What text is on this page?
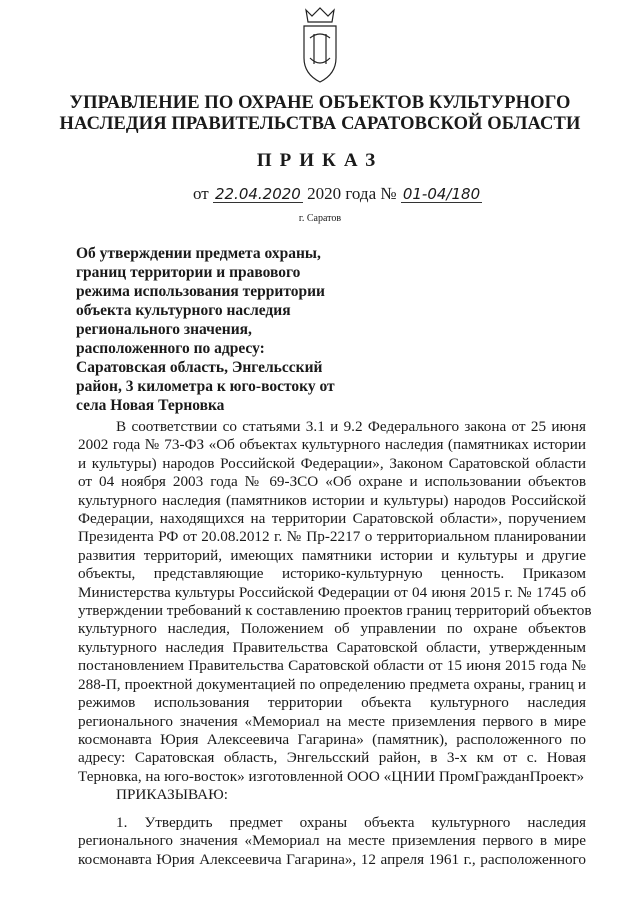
УПРАВЛЕНИЕ ПО ОХРАНЕ ОБЪЕКТОВ КУЛЬТУРНОГО
НАСЛЕДИЯ ПРАВИТЕЛЬСТВА САРАТОВСКОЙ ОБЛАСТИ
ПРИКАЗ
от 22.04.2020 2020 года № 01-04/180
г. Саратов
Об утверждении предмета охраны,
границ территории и правового
режима использования территории
объекта культурного наследия
регионального значения,
расположенного по адресу:
Саратовская область, Энгельсский
район, 3 километра к юго-востоку от
села Новая Терновка
В соответствии со статьями 3.1 и 9.2 Федерального закона от 25 июня
2002 года № 73-ФЗ «Об объектах культурного наследия (памятниках истории
и культуры) народов Российской Федерации», Законом Саратовской области
от 04 ноября 2003 года № 69-ЗСО «Об охране и использовании объектов
культурного наследия (памятников истории и культуры) народов Российской
Федерации, находящихся на территории Саратовской области», поручением
Президента РФ от 20.08.2012 г. № Пр-2217 о территориальном планировании
развития территорий, имеющих памятники истории и культуры и другие
объекты, представляющие историко-культурную ценность. Приказом
Министерства культуры Российской Федерации от 04 июня 2015 г. № 1745 об
утверждении требований к составлению проектов границ территорий объектов
культурного наследия, Положением об управлении по охране объектов
культурного наследия Правительства Саратовской области, утвержденным
постановлением Правительства Саратовской области от 15 июня 2015 года №
288-П, проектной документацией по определению предмета охраны, границ и
режимов использования территории объекта культурного наследия
регионального значения «Мемориал на месте приземления первого в мире
космонавта Юрия Алексеевича Гагарина» (памятник), расположенного по
адресу: Саратовская область, Энгельсский район, в 3-х км от с. Новая
Терновка, на юго-восток» изготовленной ООО «ЦНИИ ПромГражданПроект»
ПРИКАЗЫВАЮ:
1. Утвердить предмет охраны объекта культурного наследия
регионального значения «Мемориал на месте приземления первого в мире
космонавта Юрия Алексеевича Гагарина», 12 апреля 1961 г., расположенного
